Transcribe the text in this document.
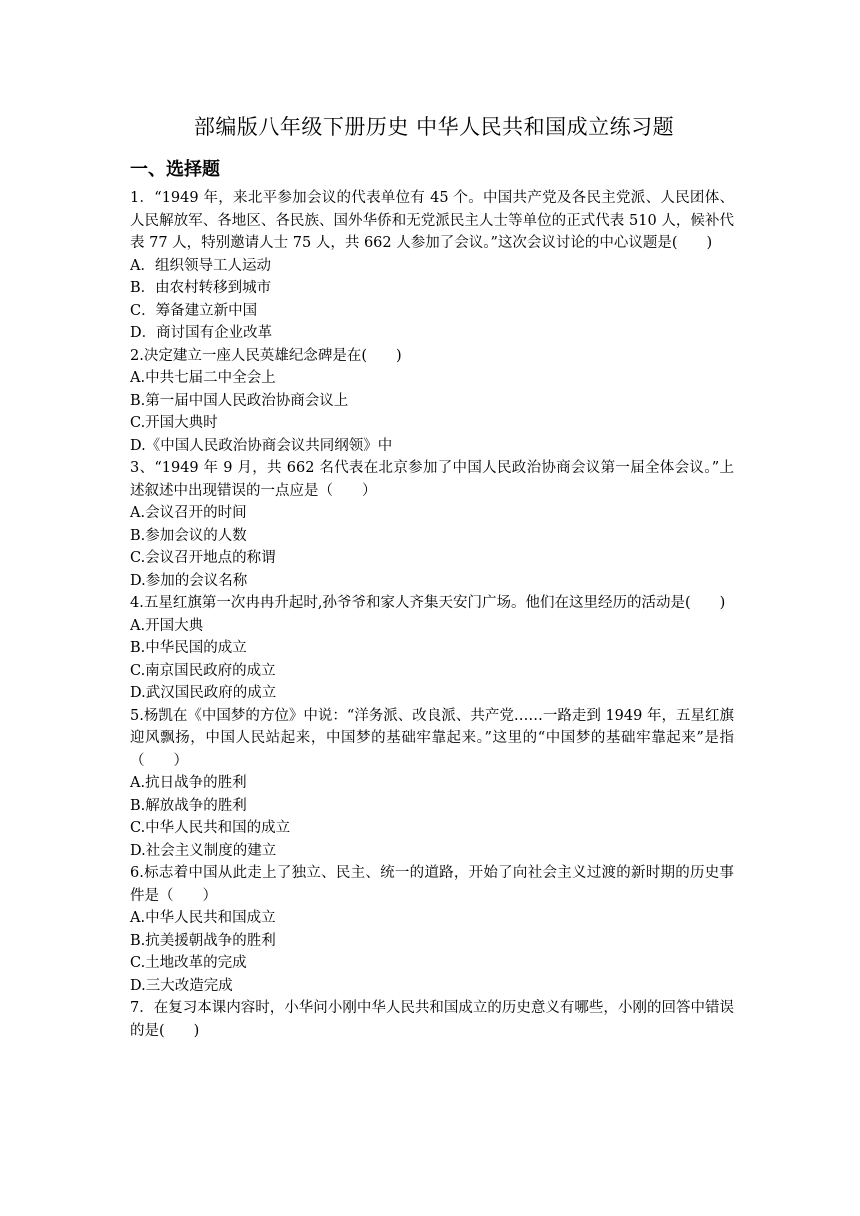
部编版八年级下册历史 中华人民共和国成立练习题
一、选择题

1．“1949 年，来北平参加会议的代表单位有 45 个。中国共产党及各民主党派、人民团体、人民解放军、各地区、各民族、国外华侨和无党派民主人士等单位的正式代表 510 人，候补代表 77 人，特别邀请人士 75 人，共 662 人参加了会议。”这次会议讨论的中心议题是(　　)

A．组织领导工人运动

B．由农村转移到城市

C．筹备建立新中国

D．商讨国有企业改革

2.决定建立一座人民英雄纪念碑是在(　　)

A.中共七届二中全会上

B.第一届中国人民政治协商会议上

C.开国大典时

D.《中国人民政治协商会议共同纲领》中

3、“1949 年 9 月，共 662 名代表在北京参加了中国人民政治协商会议第一届全体会议。”上述叙述中出现错误的一点应是（　　）

A.会议召开的时间

B.参加会议的人数

C.会议召开地点的称谓

D.参加的会议名称

4.五星红旗第一次冉冉升起时,孙爷爷和家人齐集天安门广场。他们在这里经历的活动是(　　)

A.开国大典

B.中华民国的成立

C.南京国民政府的成立

D.武汉国民政府的成立

5.杨凯在《中国梦的方位》中说：“洋务派、改良派、共产党……一路走到 1949 年，五星红旗迎风飘扬，中国人民站起来，中国梦的基础牢靠起来。”这里的“中国梦的基础牢靠起来”是指（　　）

A.抗日战争的胜利

B.解放战争的胜利

C.中华人民共和国的成立

D.社会主义制度的建立

6.标志着中国从此走上了独立、民主、统一的道路，开始了向社会主义过渡的新时期的历史事件是（　　）

A.中华人民共和国成立

B.抗美援朝战争的胜利

C.土地改革的完成

D.三大改造完成

7．在复习本课内容时，小华问小刚中华人民共和国成立的历史意义有哪些，小刚的回答中错误的是(　　)
